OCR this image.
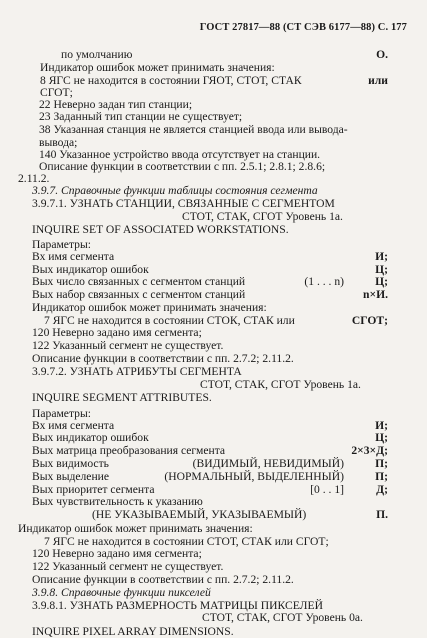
ГОСТ 27817—88 (СТ СЭВ 6177—88) С. 177
по умолчанию	O.
Индикатор ошибок может принимать значения:
8 ЯГС не находится в состоянии ГЯОТ, СТОТ, СТАК	или
СГОТ;
22 Неверно задан тип станции;
23 Заданный тип станции не существует;
38 Указанная станция не является станцией ввода или вывода-
вывода;
140 Указанное устройство ввода отсутствует на станции.
Описание функции в соответствии с пп. 2.5.1; 2.8.1; 2.8.6;
2.11.2.
3.9.7. Справочные функции таблицы состояния сегмента
3.9.7.1. УЗНАТЬ СТАНЦИИ, СВЯЗАННЫЕ С СЕГМЕНТОМ
СТОТ, СТАК, СГОТ Уровень 1а.
INQUIRE SET OF ASSOCIATED WORKSTATIONS.
Параметры:
Вх имя сегмента	И;
Вых индикатор ошибок	Ц;
Вых число связанных с сегментом станций	(1 . . . n)	Ц;
Вых набор связанных с сегментом станций	n×И.
Индикатор ошибок может принимать значения:
7 ЯГС не находится в состоянии СТОК, СТАК или	СГОТ;
120 Неверно задано имя сегмента;
122 Указанный сегмент не существует.
Описание функции в соответствии с пп. 2.7.2; 2.11.2.
3.9.7.2. УЗНАТЬ АТРИБУТЫ СЕГМЕНТА
СТОТ, СТАК, СГОТ Уровень 1а.
INQUIRE SEGMENT ATTRIBUTES.
Параметры:
Вх имя сегмента	И;
Вых индикатор ошибок	Ц;
Вых матрица преобразования сегмента	2×3×Д;
Вых видимость	(ВИДИМЫЙ, НЕВИДИМЫЙ)	П;
Вых выделение	(НОРМАЛЬНЫЙ, ВЫДЕЛЕННЫЙ)	П;
Вых приоритет сегмента	[0 . . 1]	Д;
Вых чувствительность к указанию
(НЕ УКАЗЫВАЕМЫЙ, УКАЗЫВАЕМЫЙ)	П.
Индикатор ошибок может принимать значения:
7 ЯГС не находится в состоянии СТОТ, СТАК или СГОТ;
120 Неверно задано имя сегмента;
122 Указанный сегмент не существует.
Описание функции в соответствии с пп. 2.7.2; 2.11.2.
3.9.8. Справочные функции пикселей
3.9.8.1. УЗНАТЬ РАЗМЕРНОСТЬ МАТРИЦЫ ПИКСЕЛЕЙ
СТОТ, СТАК, СГОТ Уровень 0а.
INQUIRE PIXEL ARRAY DIMENSIONS.
